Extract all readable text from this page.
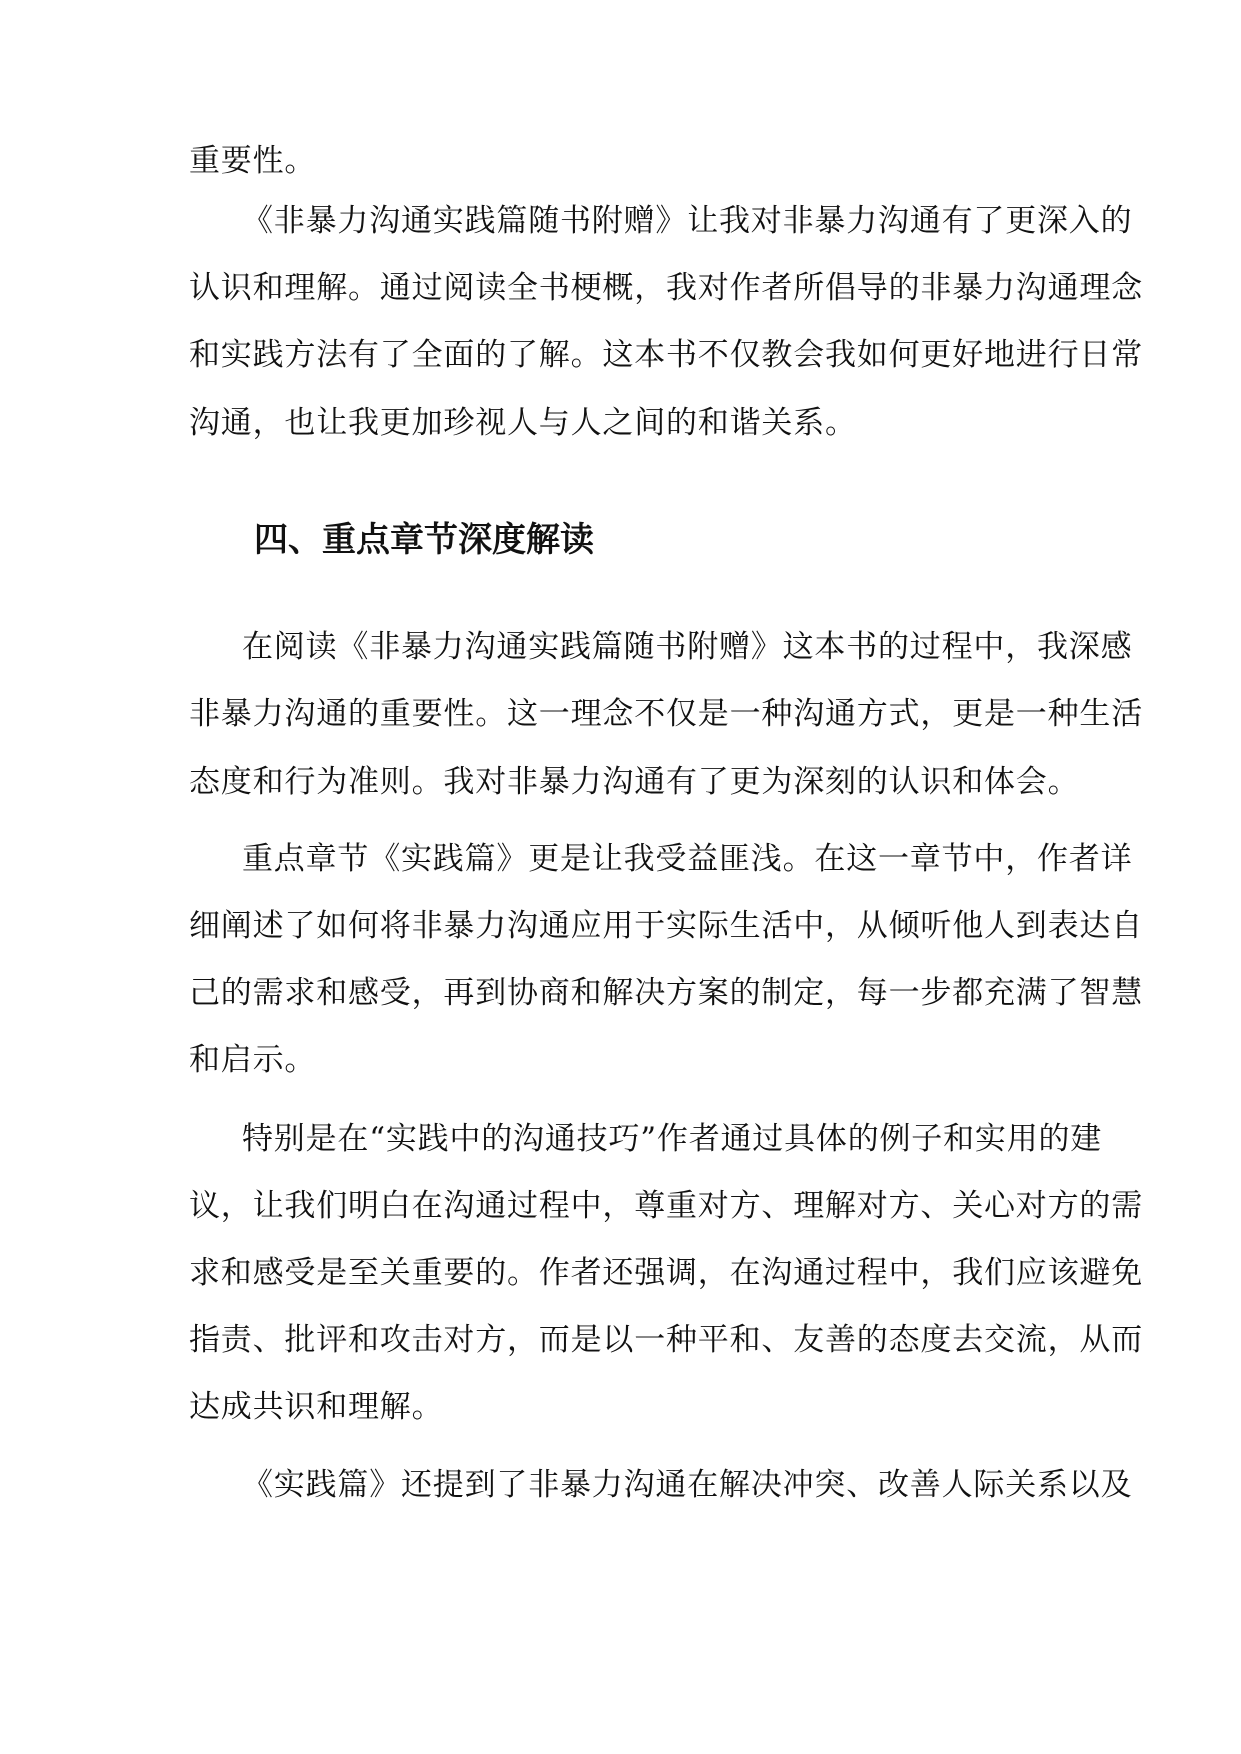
重要性。
《非暴力沟通实践篇随书附赠》让我对非暴力沟通有了更深入的
认识和理解。通过阅读全书梗概，我对作者所倡导的非暴力沟通理念
和实践方法有了全面的了解。这本书不仅教会我如何更好地进行日常
沟通，也让我更加珍视人与人之间的和谐关系。
四、重点章节深度解读
在阅读《非暴力沟通实践篇随书附赠》这本书的过程中，我深感
非暴力沟通的重要性。这一理念不仅是一种沟通方式，更是一种生活
态度和行为准则。我对非暴力沟通有了更为深刻的认识和体会。
重点章节《实践篇》更是让我受益匪浅。在这一章节中，作者详
细阐述了如何将非暴力沟通应用于实际生活中，从倾听他人到表达自
己的需求和感受，再到协商和解决方案的制定，每一步都充满了智慧
和启示。
特别是在“实践中的沟通技巧”作者通过具体的例子和实用的建
议，让我们明白在沟通过程中，尊重对方、理解对方、关心对方的需
求和感受是至关重要的。作者还强调，在沟通过程中，我们应该避免
指责、批评和攻击对方，而是以一种平和、友善的态度去交流，从而
达成共识和理解。
《实践篇》还提到了非暴力沟通在解决冲突、改善人际关系以及
